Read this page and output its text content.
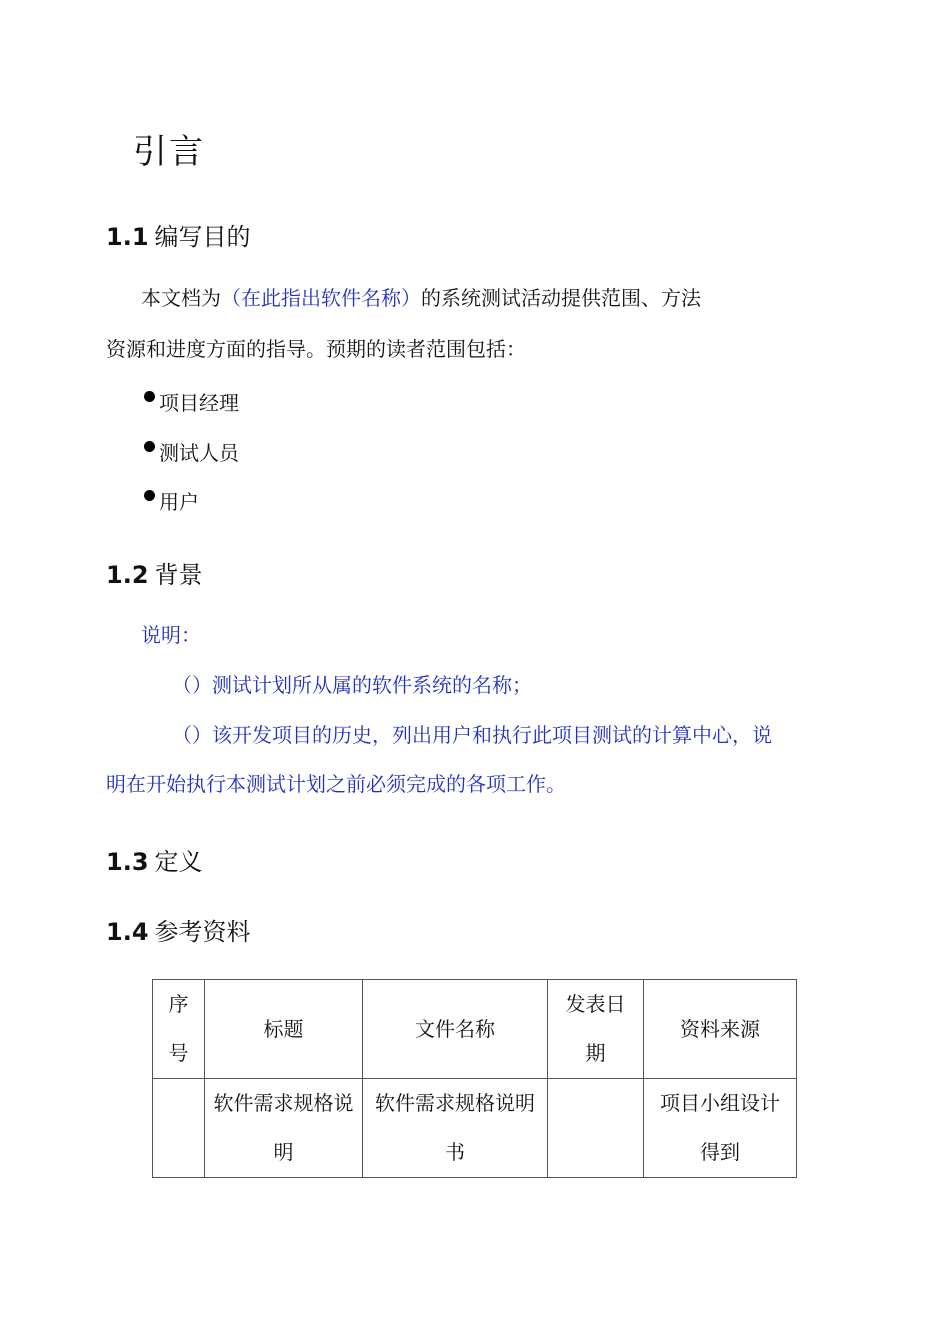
引言
1.1 编写目的
本文档为（在此指出软件名称）的系统测试活动提供范围、方法
资源和进度方面的指导。预期的读者范围包括：
项目经理
测试人员
用户
1.2 背景
说明：
（）测试计划所从属的软件系统的名称；
（）该开发项目的历史，列出用户和执行此项目测试的计算中心，说
明在开始执行本测试计划之前必须完成的各项工作。
1.3 定义
1.4 参考资料
序号	标题	文件名称	发表日期	资料来源
	软件需求规格说明	软件需求规格说明书		项目小组设计得到
